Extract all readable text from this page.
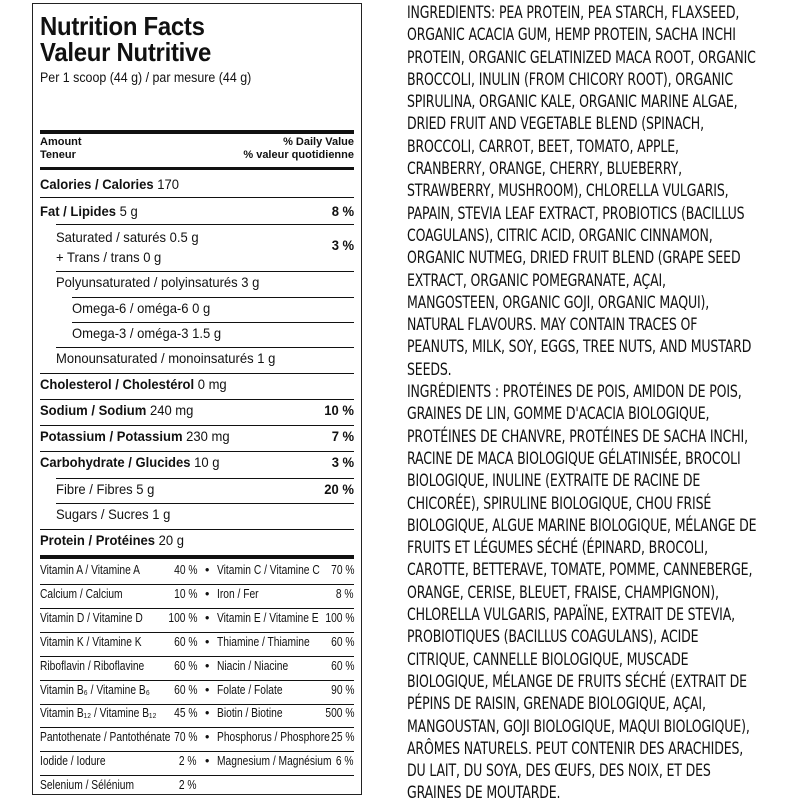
Nutrition Facts
Valeur Nutritive
Per 1 scoop (44 g) / par mesure (44 g)
Amount
Teneur
% Daily Value
% valeur quotidienne
Calories / Calories 170
Fat / Lipides 5 g	8 %
Saturated / saturés 0.5 g
+ Trans / trans 0 g
3 %
Polyunsaturated / polyinsaturés 3 g
Omega-6 / oméga-6 0 g
Omega-3 / oméga-3 1.5 g
Monounsaturated / monoinsaturés 1 g
Cholesterol / Cholestérol 0 mg
Sodium / Sodium 240 mg	10 %
Potassium / Potassium 230 mg	7 %
Carbohydrate / Glucides 10 g	3 %
Fibre / Fibres 5 g	20 %
Sugars / Sucres 1 g
Protein / Protéines 20 g
Vitamin A / Vitamine A	40 % • Vitamin C / Vitamine C 70 %
Calcium / Calcium	10 % • Iron / Fer	8 %
Vitamin D / Vitamine D 100 % • Vitamin E / Vitamine E 100 %
Vitamin K / Vitamine K	60 % • Thiamine / Thiamine 60 %
Riboflavin / Riboflavine 60 % • Niacin / Niacine	60 %
Vitamin B₆ / Vitamine B₆ 60 % • Folate / Folate	90 %
Vitamin B₁₂ / Vitamine B₁₂ 45 % • Biotin / Biotine	500 %
Pantothenate / Pantothénate 70 % • Phosphorus / Phosphore 25 %
Iodide / Iodure	2 % • Magnesium / Magnésium 6 %
Selenium / Sélénium	2 %

INGREDIENTS: PEA PROTEIN, PEA STARCH, FLAXSEED,
ORGANIC ACACIA GUM, HEMP PROTEIN, SACHA INCHI
PROTEIN, ORGANIC GELATINIZED MACA ROOT, ORGANIC
BROCCOLI, INULIN (FROM CHICORY ROOT), ORGANIC
SPIRULINA, ORGANIC KALE, ORGANIC MARINE ALGAE,
DRIED FRUIT AND VEGETABLE BLEND (SPINACH,
BROCCOLI, CARROT, BEET, TOMATO, APPLE,
CRANBERRY, ORANGE, CHERRY, BLUEBERRY,
STRAWBERRY, MUSHROOM), CHLORELLA VULGARIS,
PAPAIN, STEVIA LEAF EXTRACT, PROBIOTICS (BACILLUS
COAGULANS), CITRIC ACID, ORGANIC CINNAMON,
ORGANIC NUTMEG, DRIED FRUIT BLEND (GRAPE SEED
EXTRACT, ORGANIC POMEGRANATE, AÇAI,
MANGOSTEEN, ORGANIC GOJI, ORGANIC MAQUI),
NATURAL FLAVOURS. MAY CONTAIN TRACES OF
PEANUTS, MILK, SOY, EGGS, TREE NUTS, AND MUSTARD
SEEDS.

INGRÉDIENTS : PROTÉINES DE POIS, AMIDON DE POIS,
GRAINES DE LIN, GOMME D'ACACIA BIOLOGIQUE,
PROTÉINES DE CHANVRE, PROTÉINES DE SACHA INCHI,
RACINE DE MACA BIOLOGIQUE GÉLATINISÉE, BROCOLI
BIOLOGIQUE, INULINE (EXTRAITE DE RACINE DE
CHICORÉE), SPIRULINE BIOLOGIQUE, CHOU FRISÉ
BIOLOGIQUE, ALGUE MARINE BIOLOGIQUE, MÉLANGE DE
FRUITS ET LÉGUMES SÉCHÉ (ÉPINARD, BROCOLI,
CAROTTE, BETTERAVE, TOMATE, POMME, CANNEBERGE,
ORANGE, CERISE, BLEUET, FRAISE, CHAMPIGNON),
CHLORELLA VULGARIS, PAPAÏNE, EXTRAIT DE STEVIA,
PROBIOTIQUES (BACILLUS COAGULANS), ACIDE
CITRIQUE, CANNELLE BIOLOGIQUE, MUSCADE
BIOLOGIQUE, MÉLANGE DE FRUITS SÉCHÉ (EXTRAIT DE
PÉPINS DE RAISIN, GRENADE BIOLOGIQUE, AÇAI,
MANGOUSTAN, GOJI BIOLOGIQUE, MAQUI BIOLOGIQUE),
ARÔMES NATURELS. PEUT CONTENIR DES ARACHIDES,
DU LAIT, DU SOYA, DES ŒUFS, DES NOIX, ET DES
GRAINES DE MOUTARDE.
